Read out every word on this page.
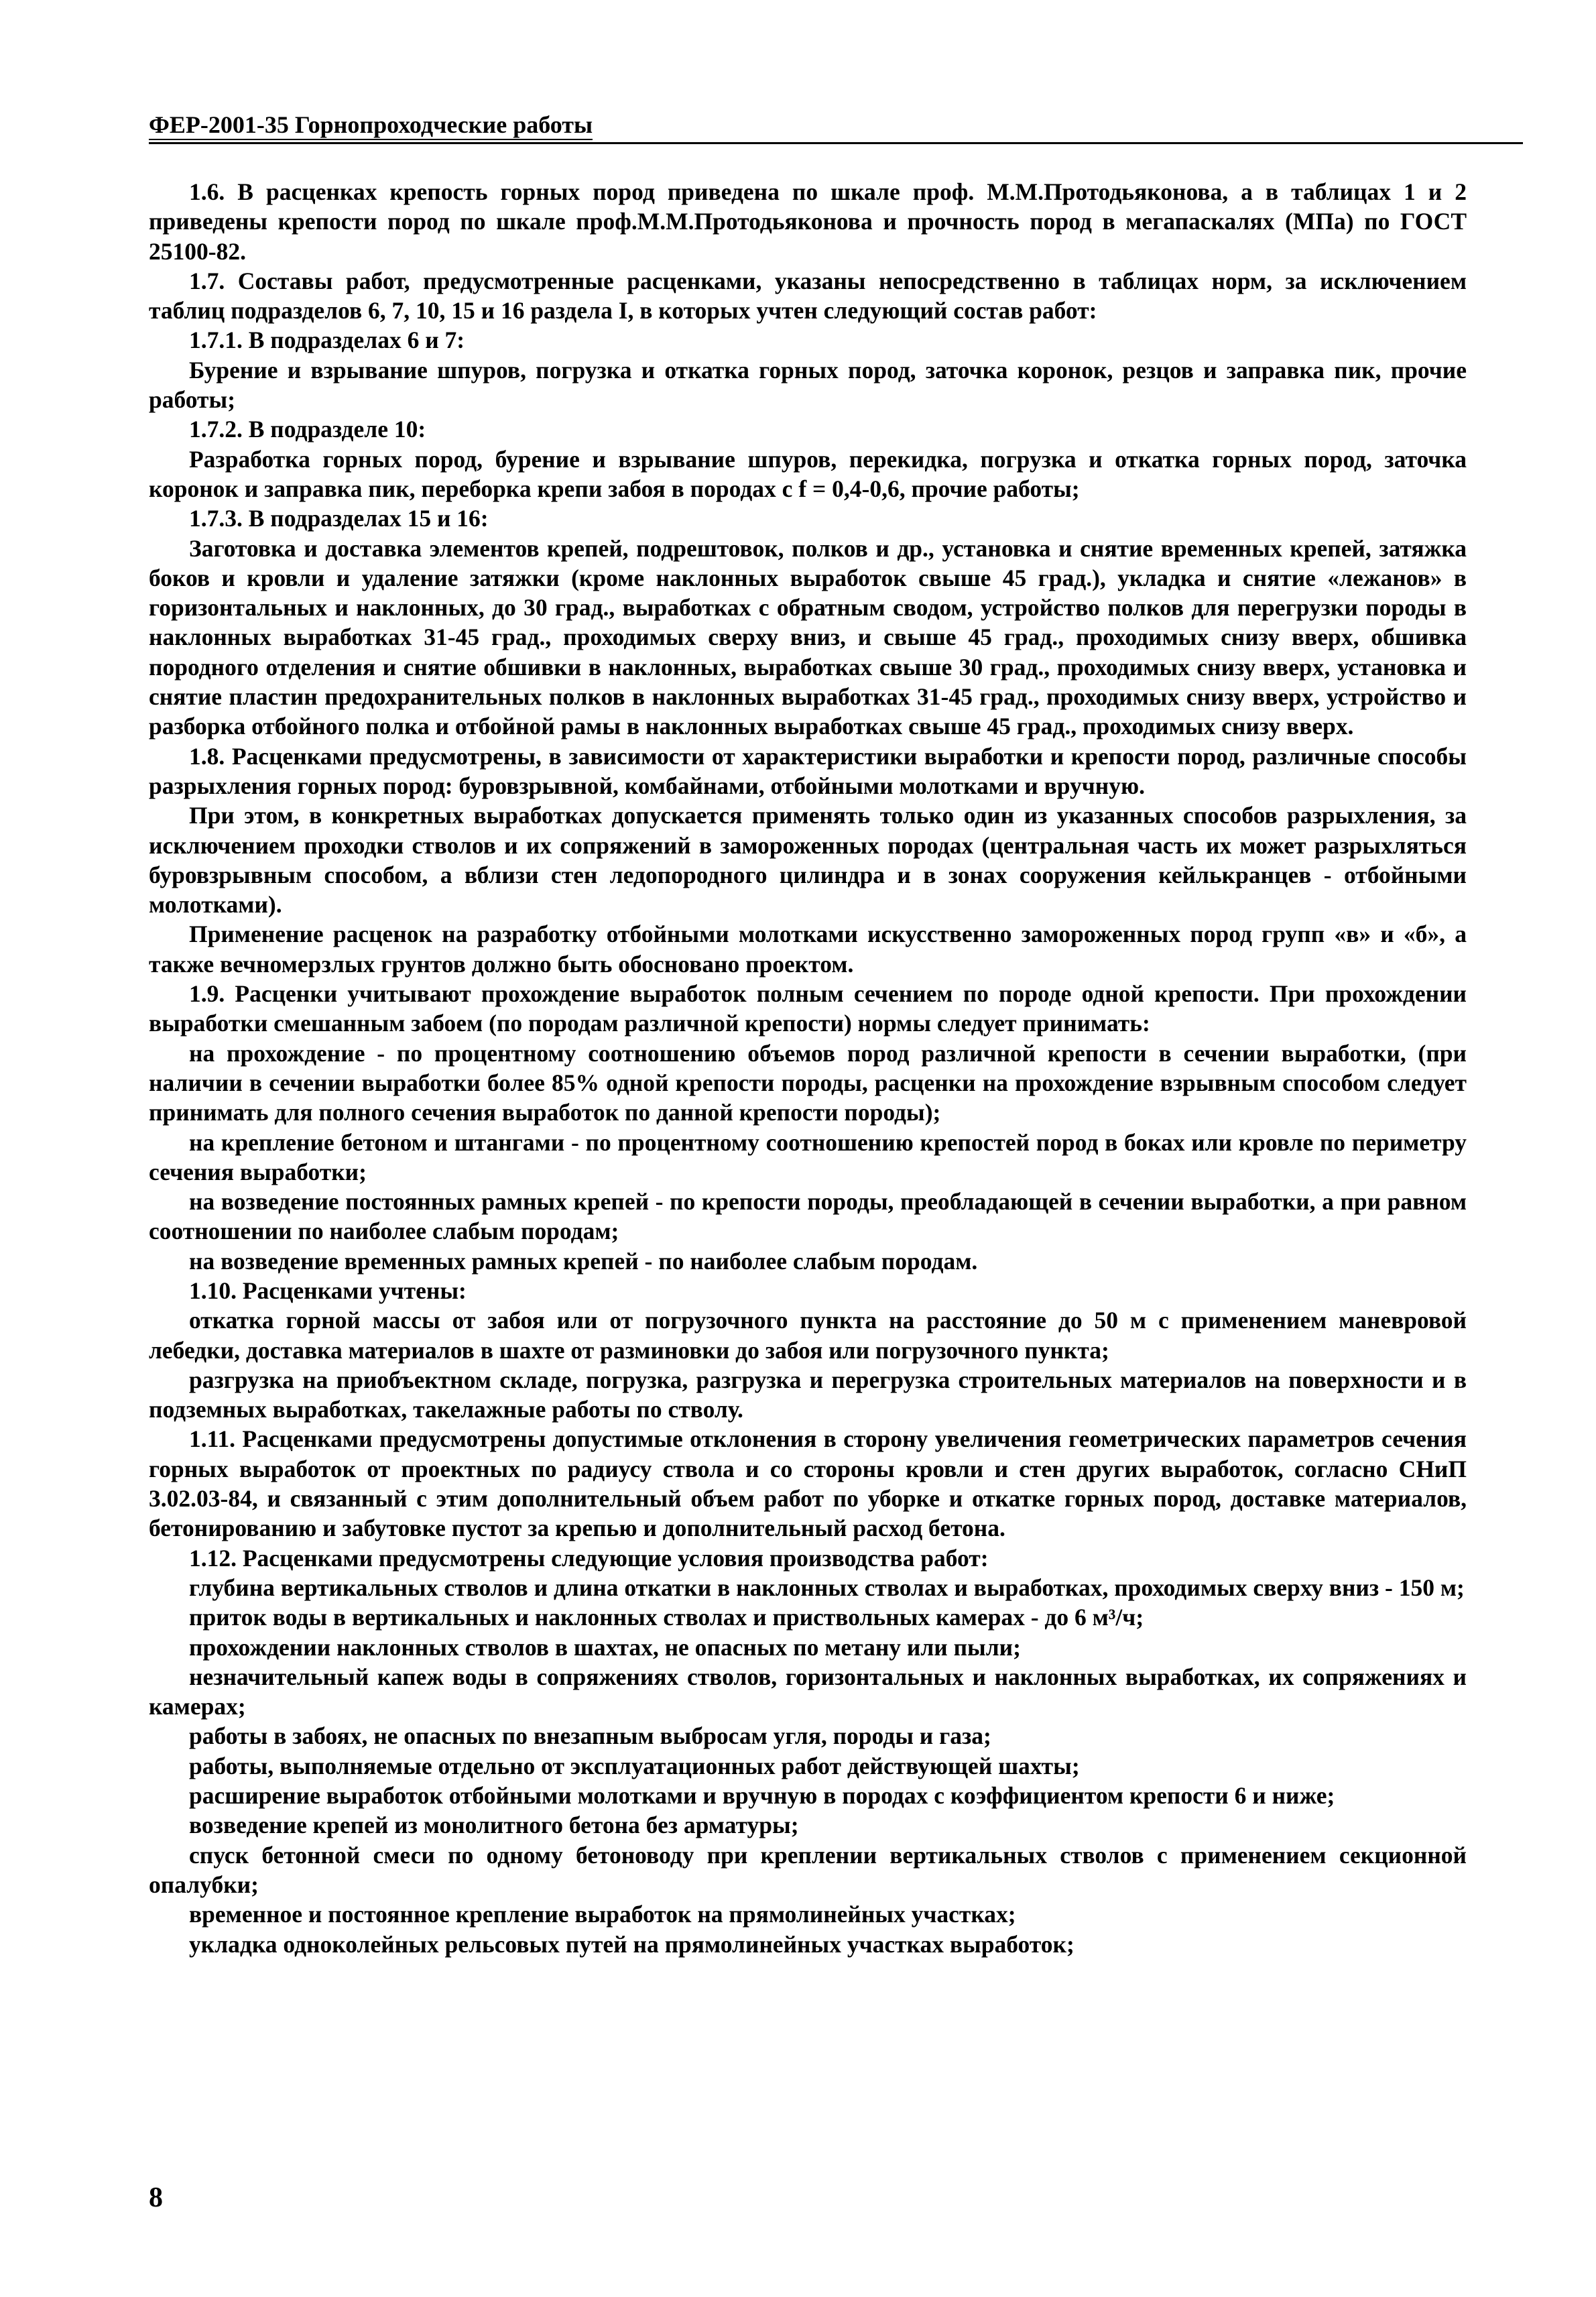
ФЕР-2001-35 Горнопроходческие работы

1.6. В расценках крепость горных пород приведена по шкале проф. М.М.Протодьяконова, а в таблицах 1 и 2 приведены крепости пород по шкале проф.М.М.Протодьяконова и прочность пород в мегапаскалях (МПа) по ГОСТ 25100-82.

1.7. Составы работ, предусмотренные расценками, указаны непосредственно в таблицах норм, за исключением таблиц подразделов 6, 7, 10, 15 и 16 раздела I, в которых учтен следующий состав работ:

1.7.1. В подразделах 6 и 7:

Бурение и взрывание шпуров, погрузка и откатка горных пород, заточка коронок, резцов и заправка пик, прочие работы;

1.7.2. В подразделе 10:

Разработка горных пород, бурение и взрывание шпуров, перекидка, погрузка и откатка горных пород, заточка коронок и заправка пик, переборка крепи забоя в породах с f = 0,4-0,6, прочие работы;

1.7.3. В подразделах 15 и 16:

Заготовка и доставка элементов крепей, подрештовок, полков и др., установка и снятие временных крепей, затяжка боков и кровли и удаление затяжки (кроме наклонных выработок свыше 45 град.), укладка и снятие «лежанов» в горизонтальных и наклонных, до 30 град., выработках с обратным сводом, устройство полков для перегрузки породы в наклонных выработках 31-45 град., проходимых сверху вниз, и свыше 45 град., проходимых снизу вверх, обшивка породного отделения и снятие обшивки в наклонных, выработках свыше 30 град., проходимых снизу вверх, установка и снятие пластин предохранительных полков в наклонных выработках 31-45 град., проходимых снизу вверх, устройство и разборка отбойного полка и отбойной рамы в наклонных выработках свыше 45 град., проходимых снизу вверх.

1.8. Расценками предусмотрены, в зависимости от характеристики выработки и крепости пород, различные способы разрыхления горных пород: буровзрывной, комбайнами, отбойными молотками и вручную.

При этом, в конкретных выработках допускается применять только один из указанных способов разрыхления, за исключением проходки стволов и их сопряжений в замороженных породах (центральная часть их может разрыхляться буровзрывным способом, а вблизи стен ледопородного цилиндра и в зонах сооружения кейлькранцев - отбойными молотками).

Применение расценок на разработку отбойными молотками искусственно замороженных пород групп «в» и «б», а также вечномерзлых грунтов должно быть обосновано проектом.

1.9. Расценки учитывают прохождение выработок полным сечением по породе одной крепости. При прохождении выработки смешанным забоем (по породам различной крепости) нормы следует принимать:

на прохождение - по процентному соотношению объемов пород различной крепости в сечении выработки, (при наличии в сечении выработки более 85% одной крепости породы, расценки на прохождение взрывным способом следует принимать для полного сечения выработок по данной крепости породы);

на крепление бетоном и штангами - по процентному соотношению крепостей пород в боках или кровле по периметру сечения выработки;

на возведение постоянных рамных крепей - по крепости породы, преобладающей в сечении выработки, а при равном соотношении по наиболее слабым породам;

на возведение временных рамных крепей - по наиболее слабым породам.

1.10. Расценками учтены:

откатка горной массы от забоя или от погрузочного пункта на расстояние до 50 м с применением маневровой лебедки, доставка материалов в шахте от разминовки до забоя или погрузочного пункта;

разгрузка на приобъектном складе, погрузка, разгрузка и перегрузка строительных материалов на поверхности и в подземных выработках, такелажные работы по стволу.

1.11. Расценками предусмотрены допустимые отклонения в сторону увеличения геометрических параметров сечения горных выработок от проектных по радиусу ствола и со стороны кровли и стен других выработок, согласно СНиП 3.02.03-84, и связанный с этим дополнительный объем работ по уборке и откатке горных пород, доставке материалов, бетонированию и забутовке пустот за крепью и дополнительный расход бетона.

1.12. Расценками предусмотрены следующие условия производства работ:

глубина вертикальных стволов и длина откатки в наклонных стволах и выработках, проходимых сверху вниз - 150 м;

приток воды в вертикальных и наклонных стволах и приствольных камерах - до 6 м³/ч;

прохождении наклонных стволов в шахтах, не опасных по метану или пыли;

незначительный капеж воды в сопряжениях стволов, горизонтальных и наклонных выработках, их сопряжениях и камерах;

работы в забоях, не опасных по внезапным выбросам угля, породы и газа;

работы, выполняемые отдельно от эксплуатационных работ действующей шахты;

расширение выработок отбойными молотками и вручную в породах с коэффициентом крепости 6 и ниже;

возведение крепей из монолитного бетона без арматуры;

спуск бетонной смеси по одному бетоноводу при креплении вертикальных стволов с применением секционной опалубки;

временное и постоянное крепление выработок на прямолинейных участках;

укладка одноколейных рельсовых путей на прямолинейных участках выработок;

8
